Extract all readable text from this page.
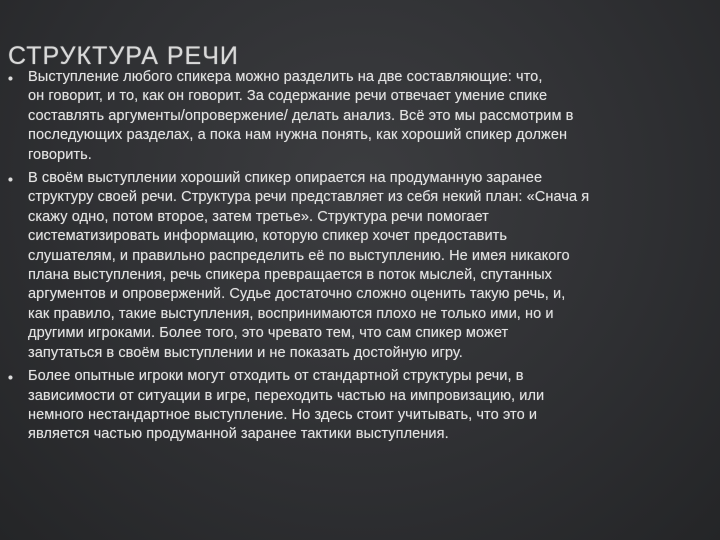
СТРУКТУРА РЕЧИ
• Выступление любого спикера можно разделить на две составляющие: что,
он говорит, и то, как он говорит. За содержание речи отвечает умение спике
составлять аргументы/опровержение/ делать анализ. Всё это мы рассмотрим в
последующих разделах, а пока нам нужна понять, как хороший спикер должен
говорить.
• В своём выступлении хороший спикер опирается на продуманную заранее
структуру своей речи. Структура речи представляет из себя некий план: «Снача я
скажу одно, потом второе, затем третье». Структура речи помогает
систематизировать информацию, которую спикер хочет предоставить
слушателям, и правильно распределить её по выступлению. Не имея никакого
плана выступления, речь спикера превращается в поток мыслей, спутанных
аргументов и опровержений. Судье достаточно сложно оценить такую речь, и,
как правило, такие выступления, воспринимаются плохо не только ими, но и
другими игроками. Более того, это чревато тем, что сам спикер может
запутаться в своём выступлении и не показать достойную игру.
• Более опытные игроки могут отходить от стандартной структуры речи, в
зависимости от ситуации в игре, переходить частью на импровизацию, или
немного нестандартное выступление. Но здесь стоит учитывать, что это и
является частью продуманной заранее тактики выступления.
